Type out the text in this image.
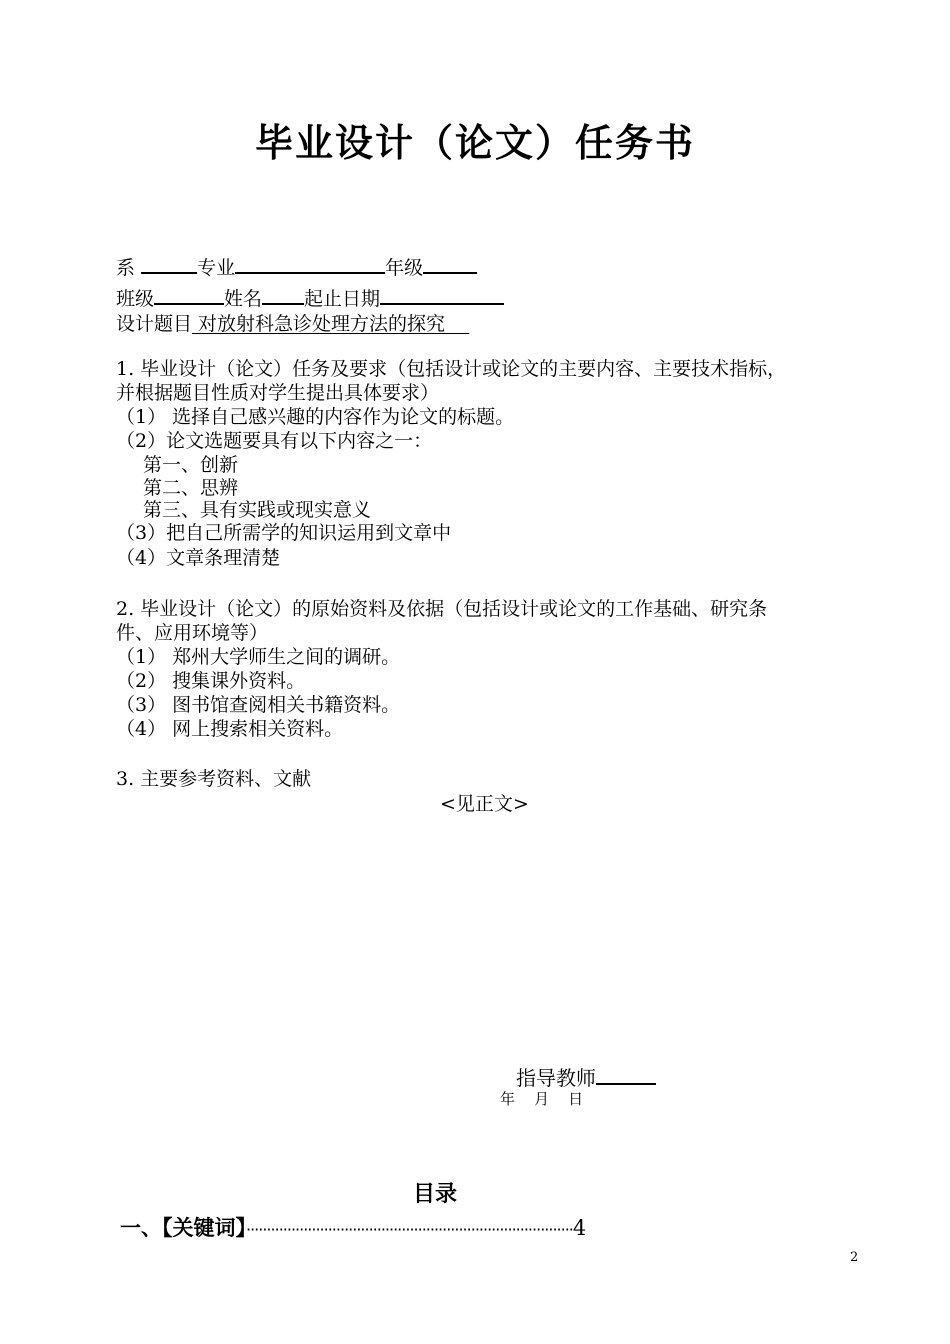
毕业设计（论文）任务书
系	专业	年级
班级	姓名 起止日期
设计题目 对放射科急诊处理方法的探究
1. 毕业设计（论文）任务及要求（包括设计或论文的主要内容、主要技术指标，
并根据题目性质对学生提出具体要求）
（1） 选择自己感兴趣的内容作为论文的标题。
（2）论文选题要具有以下内容之一：
第一、创新
第二、思辨
第三、具有实践或现实意义
（3）把自己所需学的知识运用到文章中
（4）文章条理清楚
2. 毕业设计（论文）的原始资料及依据（包括设计或论文的工作基础、研究条
件、应用环境等）
（1） 郑州大学师生之间的调研。
（2） 搜集课外资料。
（3） 图书馆查阅相关书籍资料。
（4） 网上搜索相关资料。
3. 主要参考资料、文献
<见正文>
指导教师
年    月    日
目录
一、【关键词】················································································4
2
